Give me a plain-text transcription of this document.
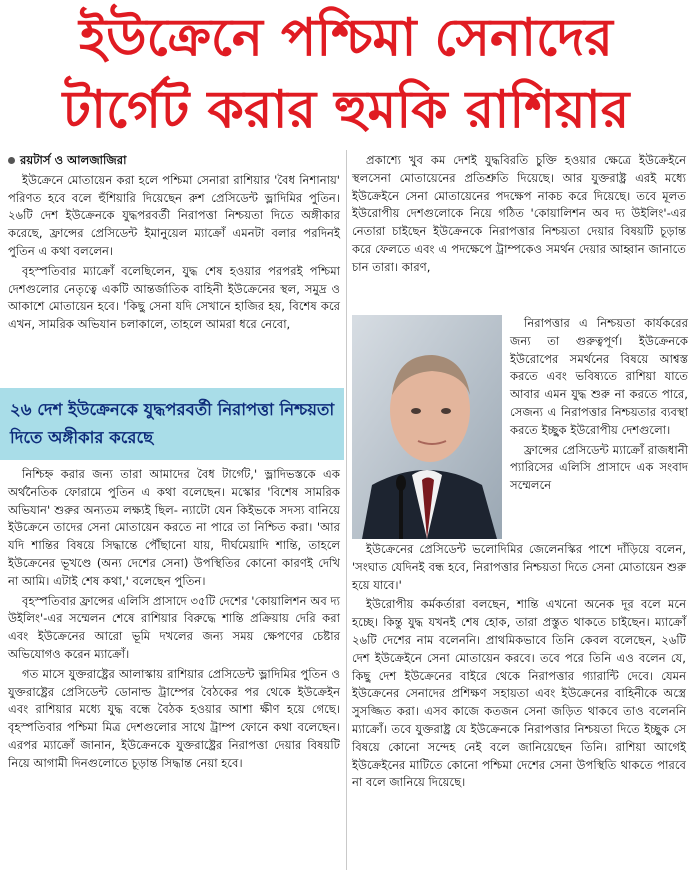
ইউক্রেনে পশ্চিমা সেনাদের
টার্গেট করার হুমকি রাশিয়ার

রয়টার্স ও আলজাজিরা

ইউক্রেনে মোতায়েন করা হলে পশ্চিমা সেনারা রাশিয়ার 'বৈধ নিশানায়' পরিণত হবে বলে হুঁশিয়ারি দিয়েছেন রুশ প্রেসিডেন্ট ভ্লাদিমির পুতিন। ২৬টি দেশ ইউক্রেনকে যুদ্ধপরবর্তী নিরাপত্তা নিশ্চয়তা দিতে অঙ্গীকার করেছে, ফ্রান্সের প্রেসিডেন্ট ইমানুয়েল ম্যাক্রোঁ এমনটা বলার পরদিনই পুতিন এ কথা বললেন।

বৃহস্পতিবার ম্যাক্রোঁ বলেছিলেন, যুদ্ধ শেষ হওয়ার পরপরই পশ্চিমা দেশগুলোর নেতৃত্বে একটি আন্তর্জাতিক বাহিনী ইউক্রেনের স্থল, সমুদ্র ও আকাশে মোতায়েন হবে। 'কিছু সেনা যদি সেখানে হাজির হয়, বিশেষ করে এখন, সামরিক অভিযান চলাকালে, তাহলে আমরা ধরে নেবো,

২৬ দেশ ইউক্রেনকে যুদ্ধপরবর্তী নিরাপত্তা নিশ্চয়তা দিতে অঙ্গীকার করেছে

নিশ্চিহ্ন করার জন্য তারা আমাদের বৈধ টার্গেট,' ভ্লাদিভস্তকে এক অর্থনৈতিক ফোরামে পুতিন এ কথা বলেছেন। মস্কোর 'বিশেষ সামরিক অভিযান' শুরুর অন্যতম লক্ষ্যই ছিল- ন্যাটো যেন কিইভকে সদস্য বানিয়ে ইউক্রেনে তাদের সেনা মোতায়েন করতে না পারে তা নিশ্চিত করা। 'আর যদি শান্তির বিষয়ে সিদ্ধান্তে পৌঁছানো যায়, দীর্ঘমেয়াদি শান্তি, তাহলে ইউক্রেনের ভূখণ্ডে (অন্য দেশের সেনা) উপস্থিতির কোনো কারণই দেখি না আমি। এটাই শেষ কথা,' বলেছেন পুতিন।

বৃহস্পতিবার ফ্রান্সের এলিসি প্রাসাদে ৩৫টি দেশের 'কোয়ালিশন অব দ্য উইলিং'-এর সম্মেলন শেষে রাশিয়ার বিরুদ্ধে শান্তি প্রক্রিয়ায় দেরি করা এবং ইউক্রেনের আরো ভূমি দখলের জন্য সময় ক্ষেপণের চেষ্টার অভিযোগও করেন ম্যাক্রোঁ।

গত মাসে যুক্তরাষ্ট্রের আলাস্কায় রাশিয়ার প্রেসিডেন্ট ভ্লাদিমির পুতিন ও যুক্তরাষ্ট্রের প্রেসিডেন্ট ডোনাল্ড ট্রাম্পের বৈঠকের পর থেকে ইউক্রেইন এবং রাশিয়ার মধ্যে যুদ্ধ বন্ধে বৈঠক হওয়ার আশা ক্ষীণ হয়ে গেছে। বৃহস্পতিবার পশ্চিমা মিত্র দেশগুলোর সাথে ট্রাম্প ফোনে কথা বলেছেন। এরপর ম্যাক্রোঁ জানান, ইউক্রেনকে যুক্তরাষ্ট্রের নিরাপত্তা দেয়ার বিষয়টি নিয়ে আগামী দিনগুলোতে চূড়ান্ত সিদ্ধান্ত নেয়া হবে।

প্রকাশ্যে খুব কম দেশই যুদ্ধবিরতি চুক্তি হওয়ার ক্ষেত্রে ইউক্রেইনে স্থলসেনা মোতায়েনের প্রতিশ্রুতি দিয়েছে। আর যুক্তরাষ্ট্র এরই মধ্যে ইউক্রেইনে সেনা মোতায়েনের পদক্ষেপ নাকচ করে দিয়েছে। তবে মূলত ইউরোপীয় দেশগুলোকে নিয়ে গঠিত 'কোয়ালিশন অব দ্য উইলিং'-এর নেতারা চাইছেন ইউক্রেনকে নিরাপত্তার নিশ্চয়তা দেয়ার বিষয়টি চূড়ান্ত করে ফেলতে এবং এ পদক্ষেপে ট্রাম্পকেও সমর্থন দেয়ার আহ্বান জানাতে চান তারা। কারণ,

নিরাপত্তার এ নিশ্চয়তা কার্যকরের জন্য তা গুরুত্বপূর্ণ। ইউক্রেনকে ইউরোপের সমর্থনের বিষয়ে আশ্বস্ত করতে এবং ভবিষ্যতে রাশিয়া যাতে আবার এমন যুদ্ধ শুরু না করতে পারে, সেজন্য এ নিরাপত্তার নিশ্চয়তার ব্যবস্থা করতে ইচ্ছুক ইউরোপীয় দেশগুলো।

ফ্রান্সের প্রেসিডেন্ট ম্যাক্রোঁ রাজধানী প্যারিসের এলিসি প্রাসাদে এক সংবাদ সম্মেলনে

ইউক্রেনের প্রেসিডেন্ট ভলোদিমির জেলেনস্কির পাশে দাঁড়িয়ে বলেন, 'সংঘাত যেদিনই বন্ধ হবে, নিরাপত্তার নিশ্চয়তা দিতে সেনা মোতায়েন শুরু হয়ে যাবে।'

ইউরোপীয় কর্মকর্তারা বলছেন, শান্তি এখনো অনেক দূর বলে মনে হচ্ছে। কিন্তু যুদ্ধ যখনই শেষ হোক, তারা প্রস্তুত থাকতে চাইছেন। ম্যাক্রোঁ ২৬টি দেশের নাম বলেননি। প্রাথমিকভাবে তিনি কেবল বলেছেন, ২৬টি দেশ ইউক্রেইনে সেনা মোতায়েন করবে। তবে পরে তিনি এও বলেন যে, কিছু দেশ ইউক্রেনের বাইরে থেকে নিরাপত্তার গ্যারান্টি দেবে। যেমন ইউক্রেনের সেনাদের প্রশিক্ষণ সহায়তা এবং ইউক্রেনের বাহিনীকে অস্ত্রে সুসজ্জিত করা। এসব কাজে কতজন সেনা জড়িত থাকবে তাও বলেননি ম্যাক্রোঁ। তবে যুক্তরাষ্ট্র যে ইউক্রেনকে নিরাপত্তার নিশ্চয়তা দিতে ইচ্ছুক সে বিষয়ে কোনো সন্দেহ নেই বলে জানিয়েছেন তিনি। রাশিয়া আগেই ইউক্রেইনের মাটিতে কোনো পশ্চিমা দেশের সেনা উপস্থিতি থাকতে পারবে না বলে জানিয়ে দিয়েছে।
